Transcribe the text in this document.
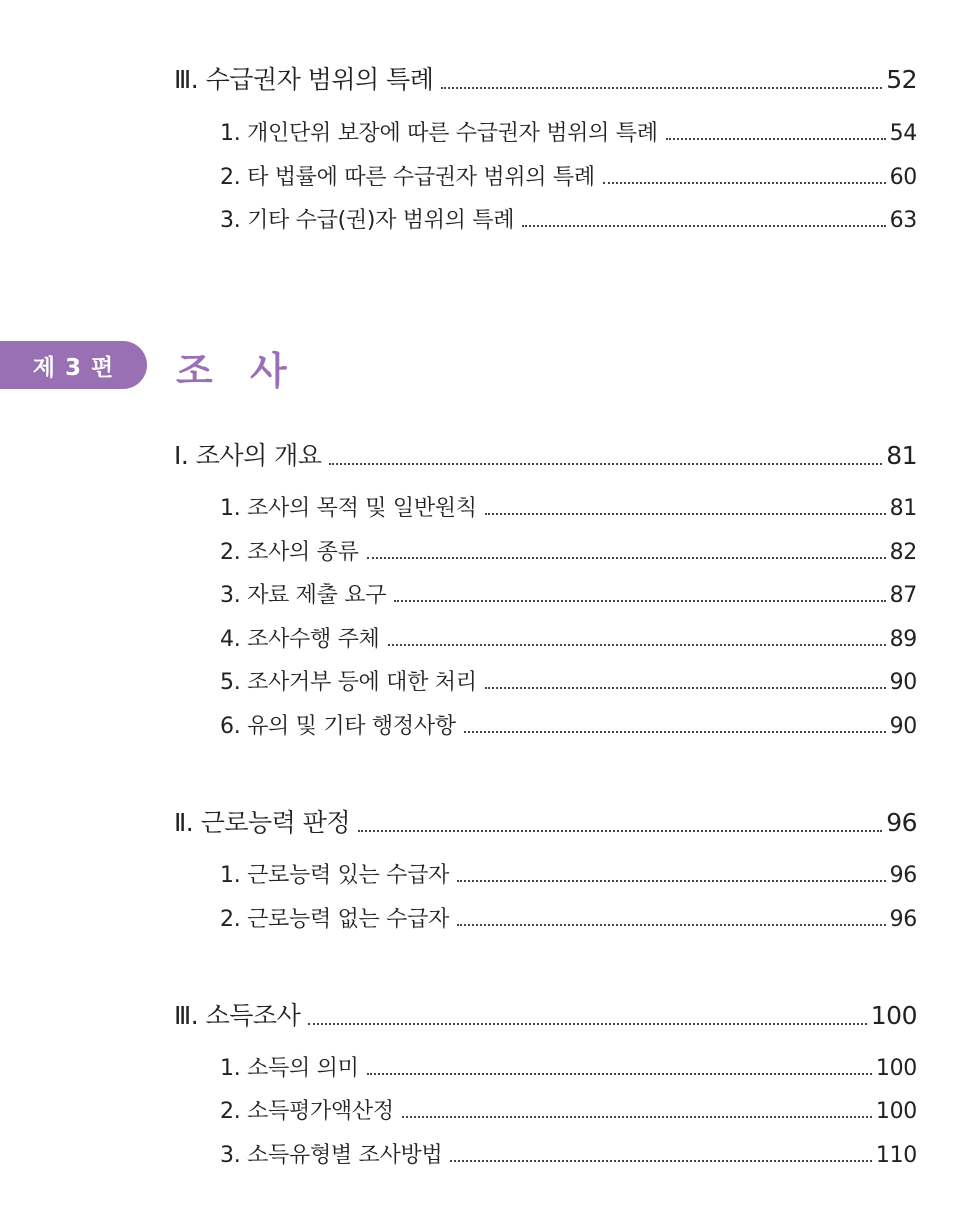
Ⅲ. 수급권자 범위의 특례	52
1. 개인단위 보장에 따른 수급권자 범위의 특례	54
2. 타 법률에 따른 수급권자 범위의 특례	60
3. 기타 수급(권)자 범위의 특례	63
제 3 편	조 사
Ⅰ. 조사의 개요	81
1. 조사의 목적 및 일반원칙	81
2. 조사의 종류	82
3. 자료 제출 요구	87
4. 조사수행 주체	89
5. 조사거부 등에 대한 처리	90
6. 유의 및 기타 행정사항	90
Ⅱ. 근로능력 판정	96
1. 근로능력 있는 수급자	96
2. 근로능력 없는 수급자	96
Ⅲ. 소득조사	100
1. 소득의 의미	100
2. 소득평가액산정	100
3. 소득유형별 조사방법	110
